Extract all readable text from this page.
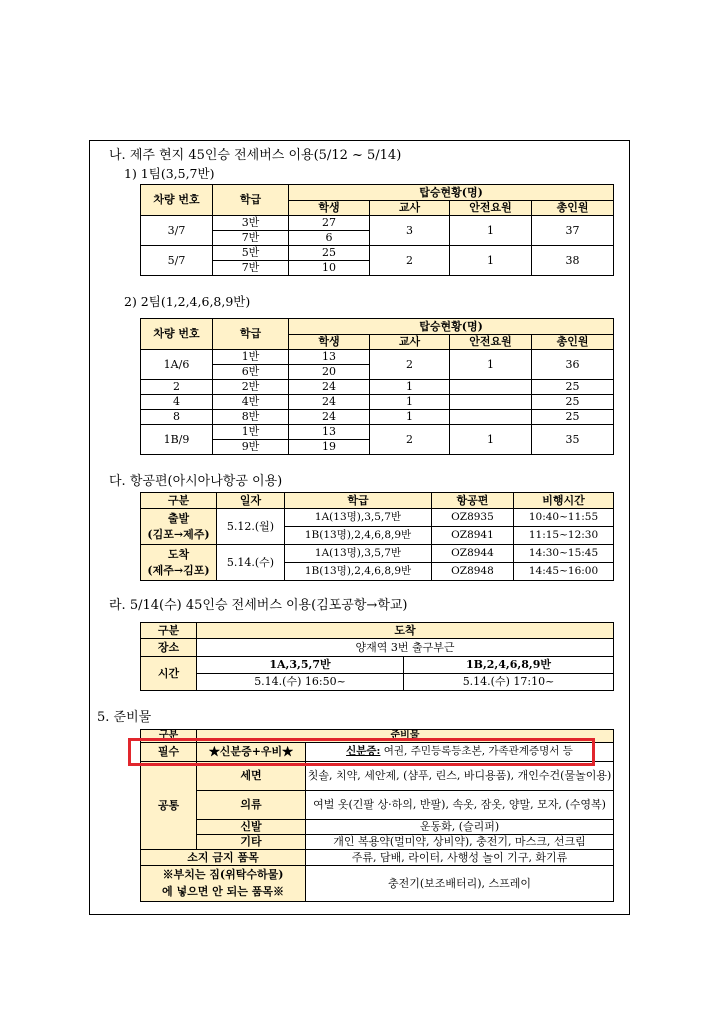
나. 제주 현지 45인승 전세버스 이용(5/12 ~ 5/14)
1) 1팀(3,5,7반)
차량 번호	학급	탑승현황(명)			
		학생	교사	안전요원	총인원
3/7	3반	27	3	1	37
	7반	6			
5/7	5반	25	2	1	38
	7반	10			
2) 2팀(1,2,4,6,8,9반)
차량 번호	학급	탑승현황(명)			
		학생	교사	안전요원	총인원
1A/6	1반	13	2	1	36
	6반	20			
2	2반	24	1		25
4	4반	24	1		25
8	8반	24	1		25
1B/9	1반	13	2	1	35
	9반	19			
다. 항공편(아시아나항공 이용)
구분	일자	학급	항공편	비행시간

출발
(김포→제주)	5.12.(월)	1A(13명),3,5,7반	OZ8935	10:40~11:55
		1B(13명),2,4,6,8,9반	OZ8941	11:15~12:30

도착
(제주→김포)	5.14.(수)	1A(13명),3,5,7반	OZ8944	14:30~15:45
		1B(13명),2,4,6,8,9반	OZ8948	14:45~16:00
라. 5/14(수) 45인승 전세버스 이용(김포공항→학교)
구분	도착	
장소	양재역 3번 출구부근	
시간	1A,3,5,7반	1B,2,4,6,8,9반
	5.14.(수) 16:50~	5.14.(수) 17:10~
5. 준비물
구분	준비물	
필수	★신분증+우비★	신분증: 여권, 주민등록등초본, 가족관계증명서 등
공통	세면	칫솔, 치약, 세안제, (샴푸, 린스, 바디용품), 개인수건(물놀이용)
	의류	여벌 옷(긴팔 상·하의, 반팔), 속옷, 잠옷, 양말, 모자, (수영복)
	신발	운동화, (슬리퍼)
	기타	개인 복용약(멀미약, 상비약), 충전기, 마스크, 선크림
소지 금지 품목		주류, 담배, 라이터, 사행성 놀이 기구, 화기류

※부치는 짐(위탁수하물)
에 넣으면 안 되는 품목※		충전기(보조배터리), 스프레이
